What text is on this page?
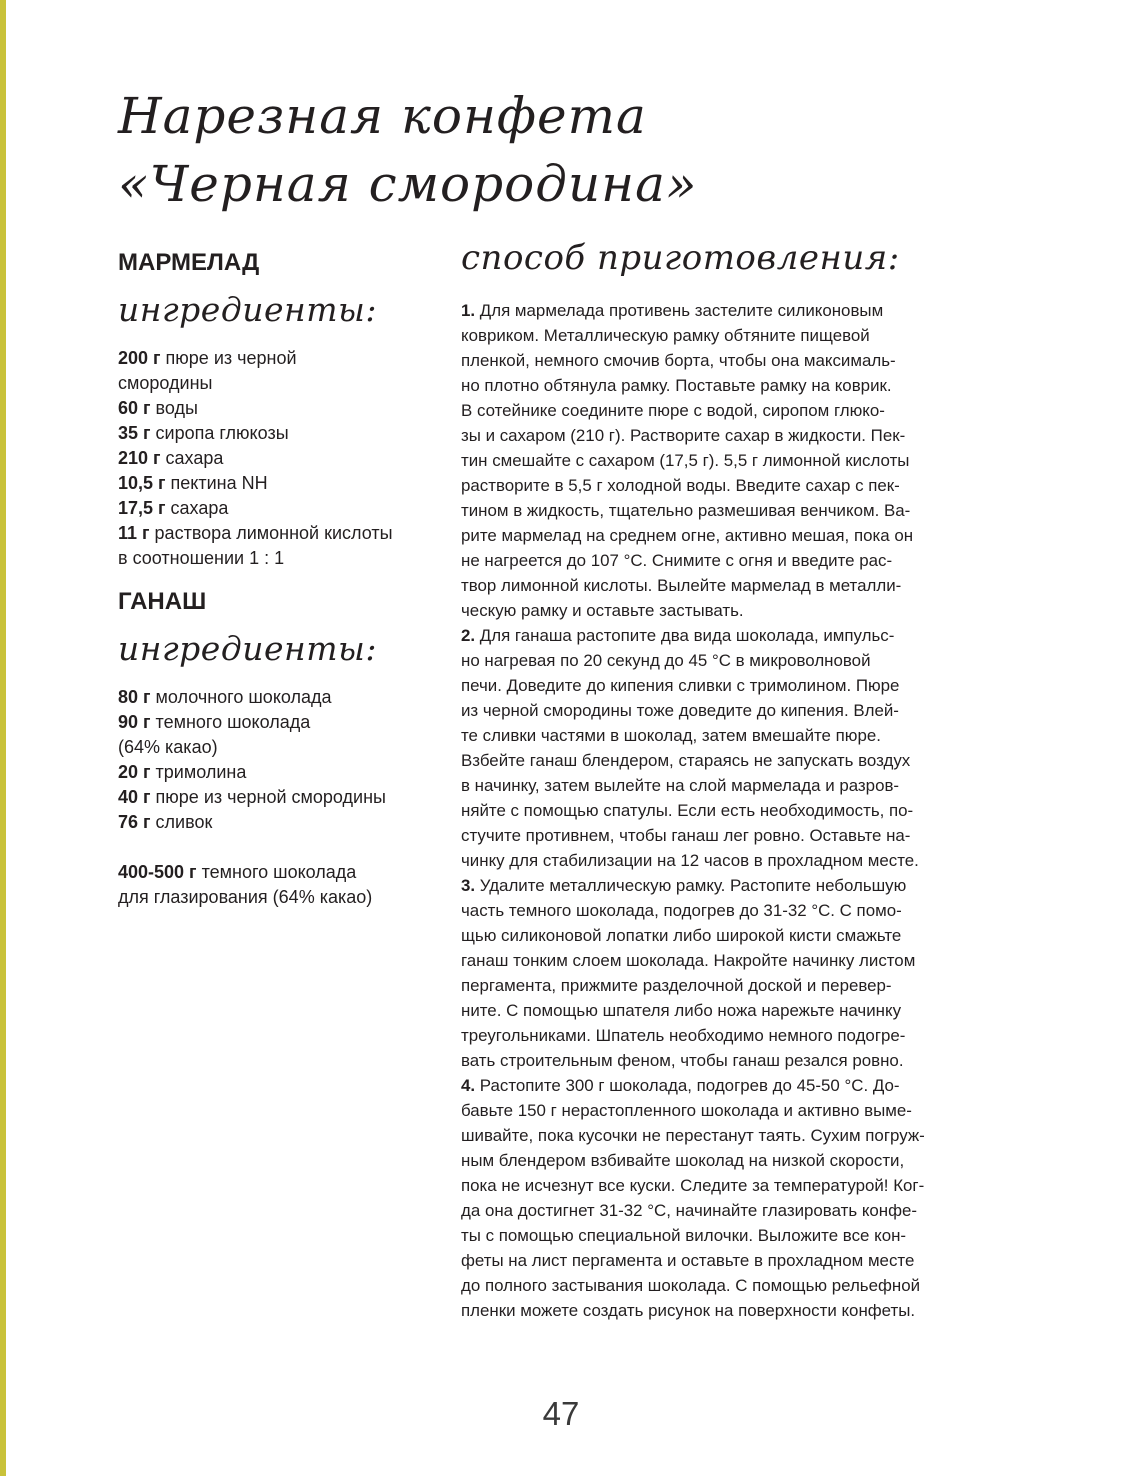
Нарезная конфета
«Черная смородина»
МАРМЕЛАД
ингредиенты:
200 г пюре из черной
смородины
60 г воды
35 г сиропа глюкозы
210 г сахара
10,5 г пектина NH
17,5 г сахара
11 г раствора лимонной кислоты
в соотношении 1 : 1
ГАНАШ
ингредиенты:
80 г молочного шоколада
90 г темного шоколада
(64% какао)
20 г тримолина
40 г пюре из черной смородины
76 г сливок
400-500 г темного шоколада
для глазирования (64% какао)
способ приготовления:
1. Для мармелада противень застелите силиконовым
ковриком. Металлическую рамку обтяните пищевой
пленкой, немного смочив борта, чтобы она максималь-
но плотно обтянула рамку. Поставьте рамку на коврик.
В сотейнике соедините пюре с водой, сиропом глюко-
зы и сахаром (210 г). Растворите сахар в жидкости. Пек-
тин смешайте с сахаром (17,5 г). 5,5 г лимонной кислоты
растворите в 5,5 г холодной воды. Введите сахар с пек-
тином в жидкость, тщательно размешивая венчиком. Ва-
рите мармелад на среднем огне, активно мешая, пока он
не нагреется до 107 °С. Снимите с огня и введите рас-
твор лимонной кислоты. Вылейте мармелад в металли-
ческую рамку и оставьте застывать.
2. Для ганаша растопите два вида шоколада, импульс-
но нагревая по 20 секунд до 45 °С в микроволновой
печи. Доведите до кипения сливки с тримолином. Пюре
из черной смородины тоже доведите до кипения. Влей-
те сливки частями в шоколад, затем вмешайте пюре.
Взбейте ганаш блендером, стараясь не запускать воздух
в начинку, затем вылейте на слой мармелада и разров-
няйте с помощью спатулы. Если есть необходимость, по-
стучите противнем, чтобы ганаш лег ровно. Оставьте на-
чинку для стабилизации на 12 часов в прохладном месте.
3. Удалите металлическую рамку. Растопите небольшую
часть темного шоколада, подогрев до 31-32 °С. С помо-
щью силиконовой лопатки либо широкой кисти смажьте
ганаш тонким слоем шоколада. Накройте начинку листом
пергамента, прижмите разделочной доской и перевер-
ните. С помощью шпателя либо ножа нарежьте начинку
треугольниками. Шпатель необходимо немного подогре-
вать строительным феном, чтобы ганаш резался ровно.
4. Растопите 300 г шоколада, подогрев до 45-50 °С. До-
бавьте 150 г нерастопленного шоколада и активно выме-
шивайте, пока кусочки не перестанут таять. Сухим погруж-
ным блендером взбивайте шоколад на низкой скорости,
пока не исчезнут все куски. Следите за температурой! Ког-
да она достигнет 31-32 °С, начинайте глазировать конфе-
ты с помощью специальной вилочки. Выложите все кон-
феты на лист пергамента и оставьте в прохладном месте
до полного застывания шоколада. С помощью рельефной
пленки можете создать рисунок на поверхности конфеты.
47
